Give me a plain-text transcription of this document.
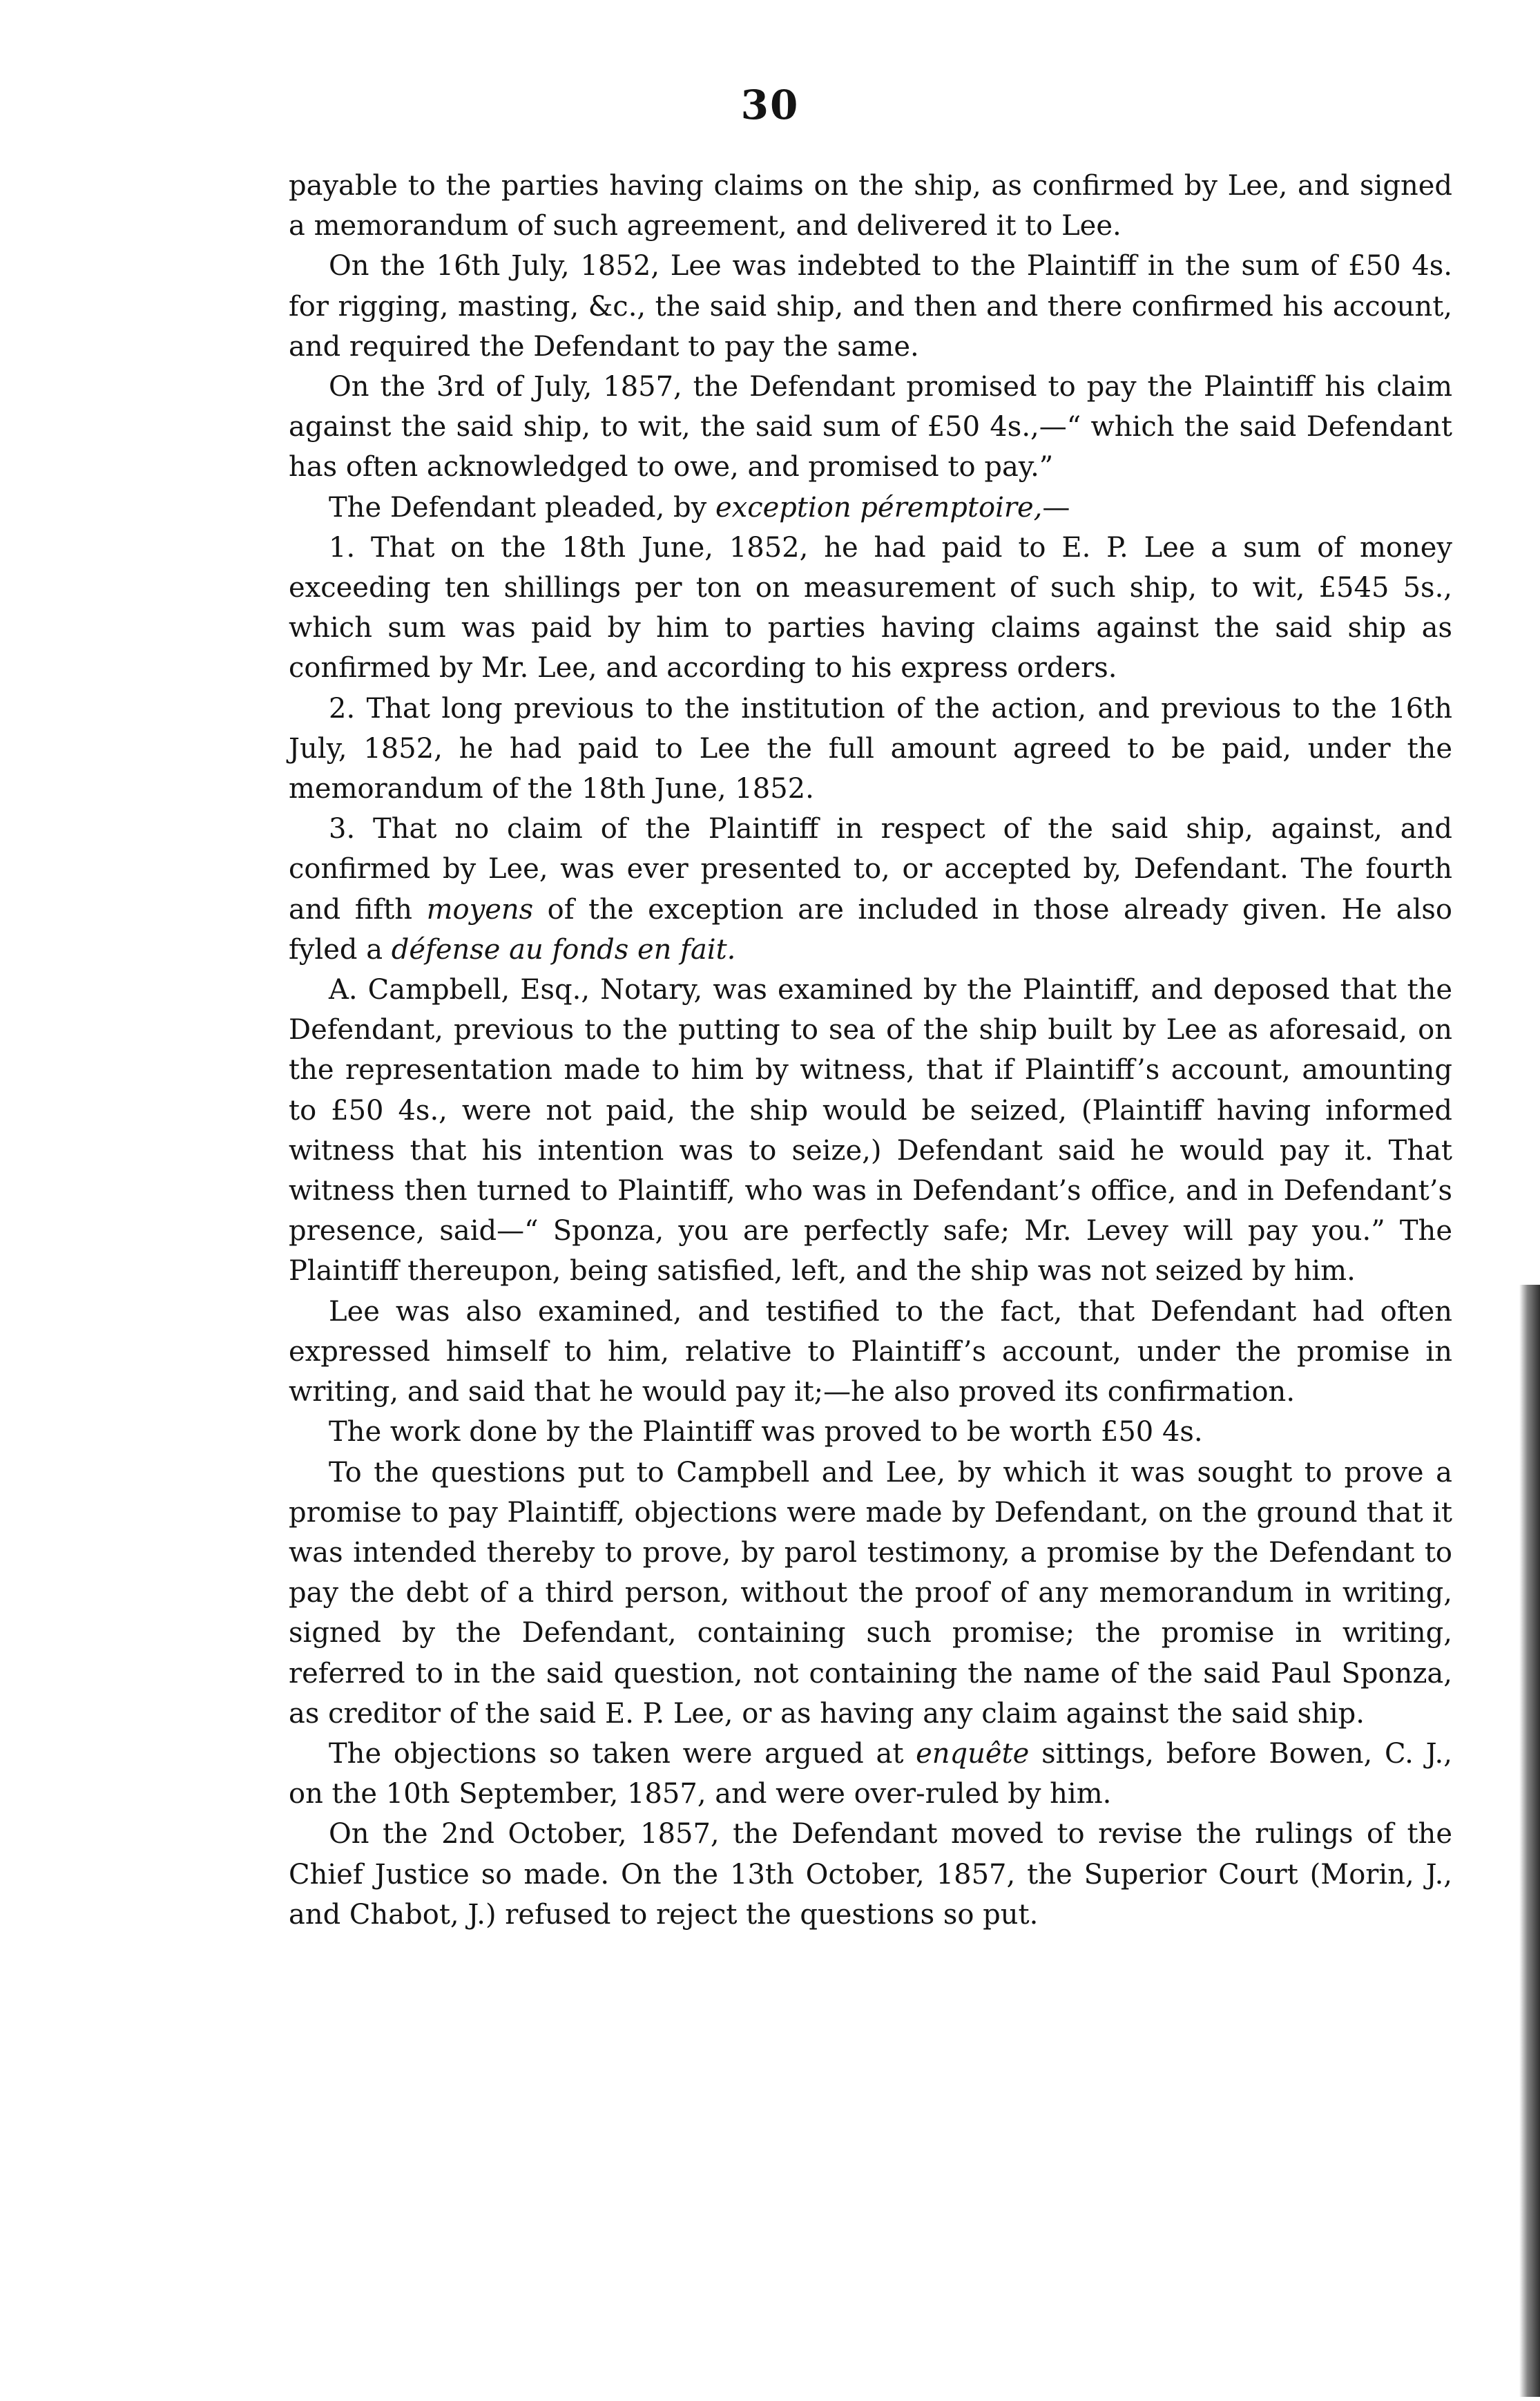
30

payable to the parties having claims on the ship, as confirmed by Lee, and signed a memorandum of such agreement, and delivered it to Lee.

On the 16th July, 1852, Lee was indebted to the Plaintiff in the sum of £50 4s. for rigging, masting, &c., the said ship, and then and there confirmed his account, and required the Defendant to pay the same.

On the 3rd of July, 1857, the Defendant promised to pay the Plaintiff his claim against the said ship, to wit, the said sum of £50 4s.,—“ which the said Defendant has often acknowledged to owe, and promised to pay.”

The Defendant pleaded, by exception péremptoire,—

1. That on the 18th June, 1852, he had paid to E. P. Lee a sum of money exceeding ten shillings per ton on measurement of such ship, to wit, £545 5s., which sum was paid by him to parties having claims against the said ship as confirmed by Mr. Lee, and according to his express orders.

2. That long previous to the institution of the action, and previous to the 16th July, 1852, he had paid to Lee the full amount agreed to be paid, under the memorandum of the 18th June, 1852.

3. That no claim of the Plaintiff in respect of the said ship, against, and confirmed by Lee, was ever presented to, or accepted by, Defendant. The fourth and fifth moyens of the exception are included in those already given. He also fyled a défense au fonds en fait.

A. Campbell, Esq., Notary, was examined by the Plaintiff, and deposed that the Defendant, previous to the putting to sea of the ship built by Lee as aforesaid, on the representation made to him by witness, that if Plaintiff’s account, amounting to £50 4s., were not paid, the ship would be seized, (Plaintiff having informed witness that his intention was to seize,) Defendant said he would pay it. That witness then turned to Plaintiff, who was in Defendant’s office, and in Defendant’s presence, said—“ Sponza, you are perfectly safe; Mr. Levey will pay you.” The Plaintiff thereupon, being satisfied, left, and the ship was not seized by him.

Lee was also examined, and testified to the fact, that Defendant had often expressed himself to him, relative to Plaintiff’s account, under the promise in writing, and said that he would pay it;—he also proved its confirmation.

The work done by the Plaintiff was proved to be worth £50 4s.

To the questions put to Campbell and Lee, by which it was sought to prove a promise to pay Plaintiff, objections were made by Defendant, on the ground that it was intended thereby to prove, by parol testimony, a promise by the Defendant to pay the debt of a third person, without the proof of any memorandum in writing, signed by the Defendant, containing such promise; the promise in writing, referred to in the said question, not containing the name of the said Paul Sponza, as creditor of the said E. P. Lee, or as having any claim against the said ship.

The objections so taken were argued at enquête sittings, before Bowen, C. J., on the 10th September, 1857, and were over-ruled by him.

On the 2nd October, 1857, the Defendant moved to revise the rulings of the Chief Justice so made. On the 13th October, 1857, the Superior Court (Morin, J., and Chabot, J.) refused to reject the questions so put.
